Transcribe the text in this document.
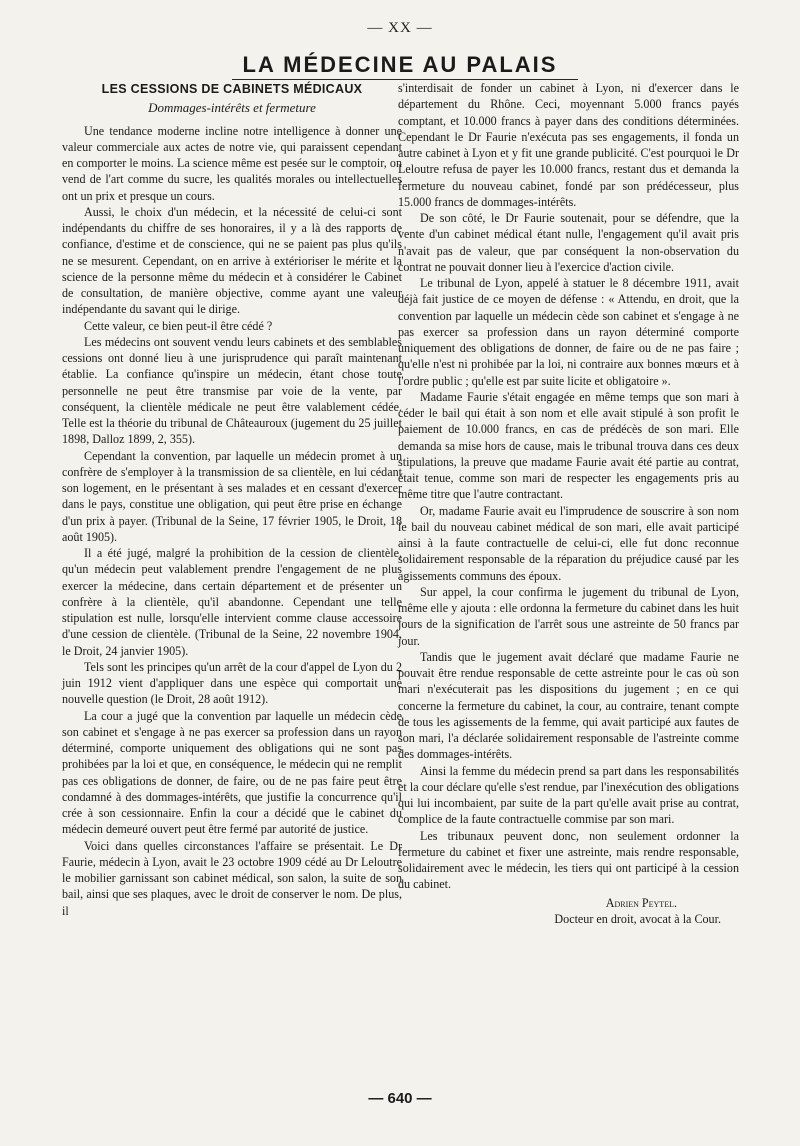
— XX —
LA MÉDECINE AU PALAIS
LES CESSIONS DE CABINETS MÉDICAUX
Dommages-intérêts et fermeture

Une tendance moderne incline notre intelligence à donner une valeur commerciale aux actes de notre vie, qui paraissent cependant en comporter le moins. La science même est pesée sur le comptoir, on vend de l'art comme du sucre, les qualités morales ou intellectuelles ont un prix et presque un cours.

Aussi, le choix d'un médecin, et la nécessité de celui-ci sont indépendants du chiffre de ses honoraires, il y a là des rapports de confiance, d'estime et de conscience, qui ne se paient pas plus qu'ils ne se mesurent. Cependant, on en arrive à extérioriser le mérite et la science de la personne même du médecin et à considérer le Cabinet de consultation, de manière objective, comme ayant une valeur indépendante du savant qui le dirige.

Cette valeur, ce bien peut-il être cédé ?

Les médecins ont souvent vendu leurs cabinets et des semblables cessions ont donné lieu à une jurisprudence qui paraît maintenant établie. La confiance qu'inspire un médecin, étant chose toute personnelle ne peut être transmise par voie de la vente, par conséquent, la clientèle médicale ne peut être valablement cédée. Telle est la théorie du tribunal de Châteauroux (jugement du 25 juillet 1898, Dalloz 1899, 2, 355).

Cependant la convention, par laquelle un médecin promet à un confrère de s'employer à la transmission de sa clientèle, en lui cédant son logement, en le présentant à ses malades et en cessant d'exercer dans le pays, constitue une obligation, qui peut être prise en échange d'un prix à payer. (Tribunal de la Seine, 17 février 1905, le Droit, 18 août 1905).

Il a été jugé, malgré la prohibition de la cession de clientèle, qu'un médecin peut valablement prendre l'engagement de ne plus exercer la médecine, dans certain département et de présenter un confrère à la clientèle, qu'il abandonne. Cependant une telle stipulation est nulle, lorsqu'elle intervient comme clause accessoire d'une cession de clientèle. (Tribunal de la Seine, 22 novembre 1904, le Droit, 24 janvier 1905).

Tels sont les principes qu'un arrêt de la cour d'appel de Lyon du 2 juin 1912 vient d'appliquer dans une espèce qui comportait une nouvelle question (le Droit, 28 août 1912).

La cour a jugé que la convention par laquelle un médecin cède son cabinet et s'engage à ne pas exercer sa profession dans un rayon déterminé, comporte uniquement des obligations qui ne sont pas prohibées par la loi et que, en conséquence, le médecin qui ne remplit pas ces obligations de donner, de faire, ou de ne pas faire peut être condamné à des dommages-intérêts, que justifie la concurrence qu'il crée à son cessionnaire. Enfin la cour a décidé que le cabinet du médecin demeuré ouvert peut être fermé par autorité de justice.

Voici dans quelles circonstances l'affaire se présentait. Le Dr Faurie, médecin à Lyon, avait le 23 octobre 1909 cédé au Dr Leloutre le mobilier garnissant son cabinet médical, son salon, la suite de son bail, ainsi que ses plaques, avec le droit de conserver le nom. De plus, il

s'interdisait de fonder un cabinet à Lyon, ni d'exercer dans le département du Rhône. Ceci, moyennant 5.000 francs payés comptant, et 10.000 francs à payer dans des conditions déterminées. Cependant le Dr Faurie n'exécuta pas ses engagements, il fonda un autre cabinet à Lyon et y fit une grande publicité. C'est pourquoi le Dr Leloutre refusa de payer les 10.000 francs, restant dus et demanda la fermeture du nouveau cabinet, fondé par son prédécesseur, plus 15.000 francs de dommages-intérêts.

De son côté, le Dr Faurie soutenait, pour se défendre, que la vente d'un cabinet médical étant nulle, l'engagement qu'il avait pris n'avait pas de valeur, que par conséquent la non-observation du contrat ne pouvait donner lieu à l'exercice d'action civile.

Le tribunal de Lyon, appelé à statuer le 8 décembre 1911, avait déjà fait justice de ce moyen de défense : « Attendu, en droit, que la convention par laquelle un médecin cède son cabinet et s'engage à ne pas exercer sa profession dans un rayon déterminé comporte uniquement des obligations de donner, de faire ou de ne pas faire ; qu'elle n'est ni prohibée par la loi, ni contraire aux bonnes mœurs et à l'ordre public ; qu'elle est par suite licite et obligatoire ».

Madame Faurie s'était engagée en même temps que son mari à céder le bail qui était à son nom et elle avait stipulé à son profit le paiement de 10.000 francs, en cas de prédécès de son mari. Elle demanda sa mise hors de cause, mais le tribunal trouva dans ces deux stipulations, la preuve que madame Faurie avait été partie au contrat, était tenue, comme son mari de respecter les engagements pris au même titre que l'autre contractant.

Or, madame Faurie avait eu l'imprudence de souscrire à son nom le bail du nouveau cabinet médical de son mari, elle avait participé ainsi à la faute contractuelle de celui-ci, elle fut donc reconnue solidairement responsable de la réparation du préjudice causé par les agissements communs des époux.

Sur appel, la cour confirma le jugement du tribunal de Lyon, même elle y ajouta : elle ordonna la fermeture du cabinet dans les huit jours de la signification de l'arrêt sous une astreinte de 50 francs par jour.

Tandis que le jugement avait déclaré que madame Faurie ne pouvait être rendue responsable de cette astreinte pour le cas où son mari n'exécuterait pas les dispositions du jugement ; en ce qui concerne la fermeture du cabinet, la cour, au contraire, tenant compte de tous les agissements de la femme, qui avait participé aux fautes de son mari, l'a déclarée solidairement responsable de l'astreinte comme des dommages-intérêts.

Ainsi la femme du médecin prend sa part dans les responsabilités et la cour déclare qu'elle s'est rendue, par l'inexécution des obligations qui lui incombaient, par suite de la part qu'elle avait prise au contrat, complice de la faute contractuelle commise par son mari.

Les tribunaux peuvent donc, non seulement ordonner la fermeture du cabinet et fixer une astreinte, mais rendre responsable, solidairement avec le médecin, les tiers qui ont participé à la cession du cabinet.

Adrien Peytel.
Docteur en droit, avocat à la Cour.
— 640 —
